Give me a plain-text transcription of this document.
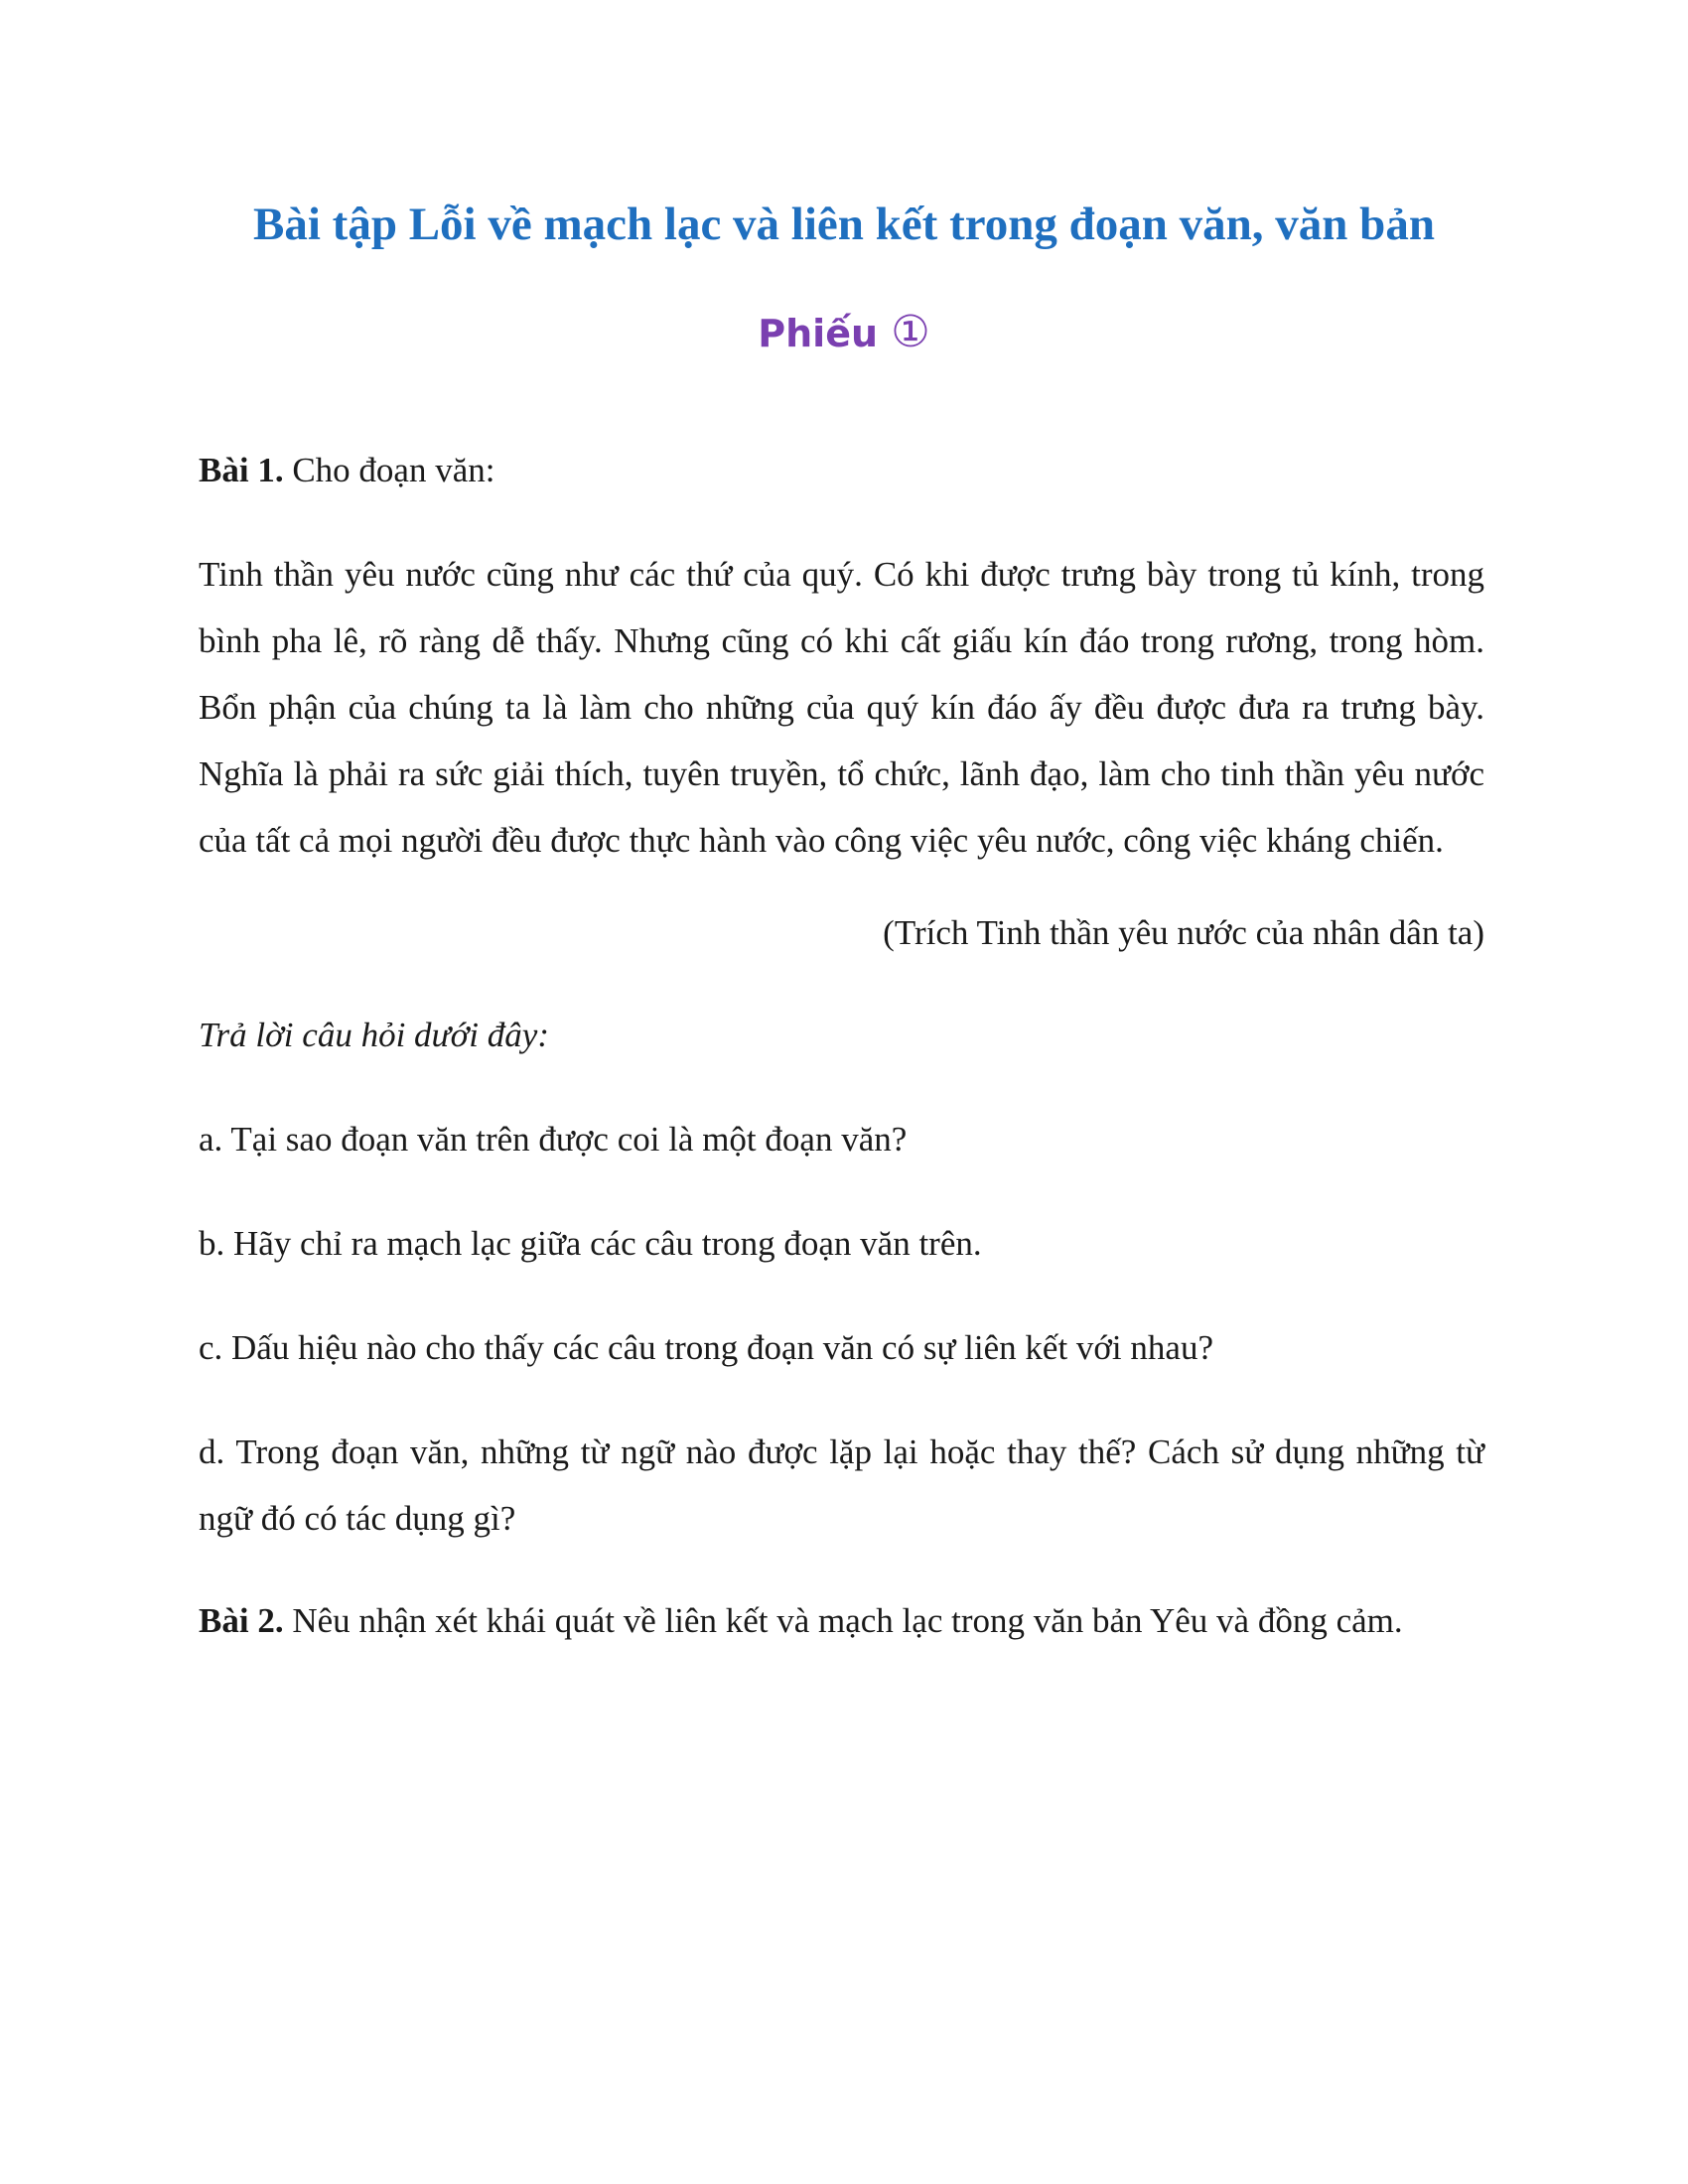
Bài tập Lỗi về mạch lạc và liên kết trong đoạn văn, văn bản
Phiếu ①

Bài 1. Cho đoạn văn:

Tinh thần yêu nước cũng như các thứ của quý. Có khi được trưng bày trong tủ kính, trong bình pha lê, rõ ràng dễ thấy. Nhưng cũng có khi cất giấu kín đáo trong rương, trong hòm. Bổn phận của chúng ta là làm cho những của quý kín đáo ấy đều được đưa ra trưng bày. Nghĩa là phải ra sức giải thích, tuyên truyền, tổ chức, lãnh đạo, làm cho tinh thần yêu nước của tất cả mọi người đều được thực hành vào công việc yêu nước, công việc kháng chiến.

(Trích Tinh thần yêu nước của nhân dân ta)

Trả lời câu hỏi dưới đây:

a. Tại sao đoạn văn trên được coi là một đoạn văn?

b. Hãy chỉ ra mạch lạc giữa các câu trong đoạn văn trên.

c. Dấu hiệu nào cho thấy các câu trong đoạn văn có sự liên kết với nhau?

d. Trong đoạn văn, những từ ngữ nào được lặp lại hoặc thay thế? Cách sử dụng những từ ngữ đó có tác dụng gì?

Bài 2. Nêu nhận xét khái quát về liên kết và mạch lạc trong văn bản Yêu và đồng cảm.
